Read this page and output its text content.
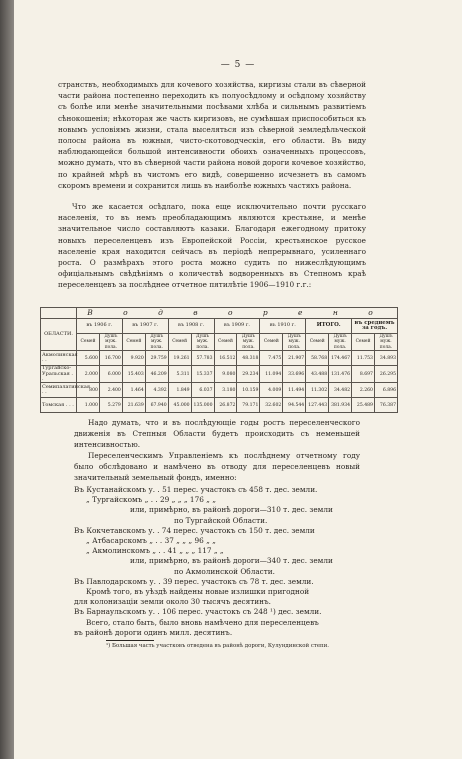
— 5 —

странствъ, необходимыхъ для кочевого хозяйства, киргизы стали въ сѣверной части района постепенно переходить къ полуосѣдлому и осѣдлому хозяйству съ болѣе или менѣе значительными посѣвами хлѣба и сильнымъ развитіемъ сѣнокошенія; нѣкоторая же часть киргизовъ, не сумѣвшая приспособиться къ новымъ условіямъ жизни, стала выселяться изъ сѣверной земледѣльческой полосы района въ южныя, чисто-скотоводческія, его области. Въ виду наблюдающейся большой интенсивности обоихъ означенныхъ процессовъ, можно думать, что въ сѣверной части района новой дороги кочевое хозяйство, по крайней мѣрѣ въ чистомъ его видѣ, совершенно исчезнетъ въ самомъ скоромъ времени и сохранится лишь въ наиболѣе южныхъ частяхъ района.

Что же касается осѣдлаго, пока еще исключительно почти русскаго населенія, то въ немъ преобладающимъ являются крестьяне, и менѣе значительное число составляютъ казаки. Благодаря ежегодному притоку новыхъ переселенцевъ изъ Европейской Россіи, крестьянское русское населеніе края находится сейчасъ въ періодѣ непрерывнаго, усиленнаго роста. О размѣрахъ этого роста можно судить по нижеслѣдующимъ офиціальнымъ свѣдѣніямъ о количествѣ водворенныхъ въ Степномъ краѣ переселенцевъ за послѣднее отчетное пятилѣтіе 1906—1910 г.г.:

	В о д в о р е н о													
ОБЛАСТИ.	въ 1906 г.		въ 1907 г.		въ 1908 г.		въ 1909 г.		въ 1910 г.		ИТОГО.		въ среднемъ за годъ.	
	Семей	Душъ муж. пола.	Семей	Душъ муж. пола.	Семей	Душъ муж. пола.	Семей	Душъ муж. пола.	Семей	Душъ муж. пола.	Семей	Душъ муж. пола.	Семей	Душъ муж. пола.
Акмолинская . .	5.600	16.700	9.920	29.759	19.261	57.783	16.512	48.318	7.475	21.907	58.768	174.467	11.753	34.893
Тургайско-Уральская . .	2.000	6.000	15.403	46.209	5.311	15.337	9.080	29.234	11.094	33.696	43.488	131.476	8.697	26.295
Семипалатинская . .	800	2.400	1.464	4.392	1.849	6.037	3.180	10.159	4.009	11.494	11.302	34.482	2.260	6.896
Томская . . .	1.000	5.279	21.639	67.940	45.000	135.000	26.872	79.171	32.602	94.544	127.443	381.934	25.489	76.387

Надо думать, что и въ послѣдующіе годы ростъ переселенческого движенія въ Степныя Области будетъ происходить съ неменьшей интенсивностью.

Переселенческимъ Управленіемъ къ послѣднему отчетному году было обслѣдовано и намѣчено въ отводу для переселенцевъ новый значительный земельный фондъ, именно:

Въ Кустанайскомъ у. . 51 перес. участокъ съ 458 т. дес. земли.
„ Тургайскомъ „ . . 29 „ „ „ 176 „ „
или, примѣрно, въ районѣ дороги—310 т. дес. земли
по Тургайской Области.
Въ Кокчетавскомъ у. . 74 перес. участокъ съ 150 т. дес. земли
„ Атбасарскомъ „ . . 37 „ „ „ 96 „ „
„ Акмолинскомъ „ . . 41 „ „ „ 117 „ „
или, примѣрно, въ районѣ дороги—340 т. дес. земли
по Акмолинской Области.
Въ Павлодарскомъ у. . 39 перес. участокъ съ 78 т. дес. земли.
Кромѣ того, въ уѣздѣ найдены новые излишки пригодной
для колонизаціи земли около 30 тысячъ десятинъ.
Въ Барнаульскомъ у. . 106 перес. участокъ съ 248 ¹) дес. земли.
Всего, стало быть, было вновь намѣчено для переселенцевъ
въ районѣ дороги одинъ милл. десятинъ.

¹) Большая часть участковъ отведена въ районѣ дороги, Кулундинской степи.
